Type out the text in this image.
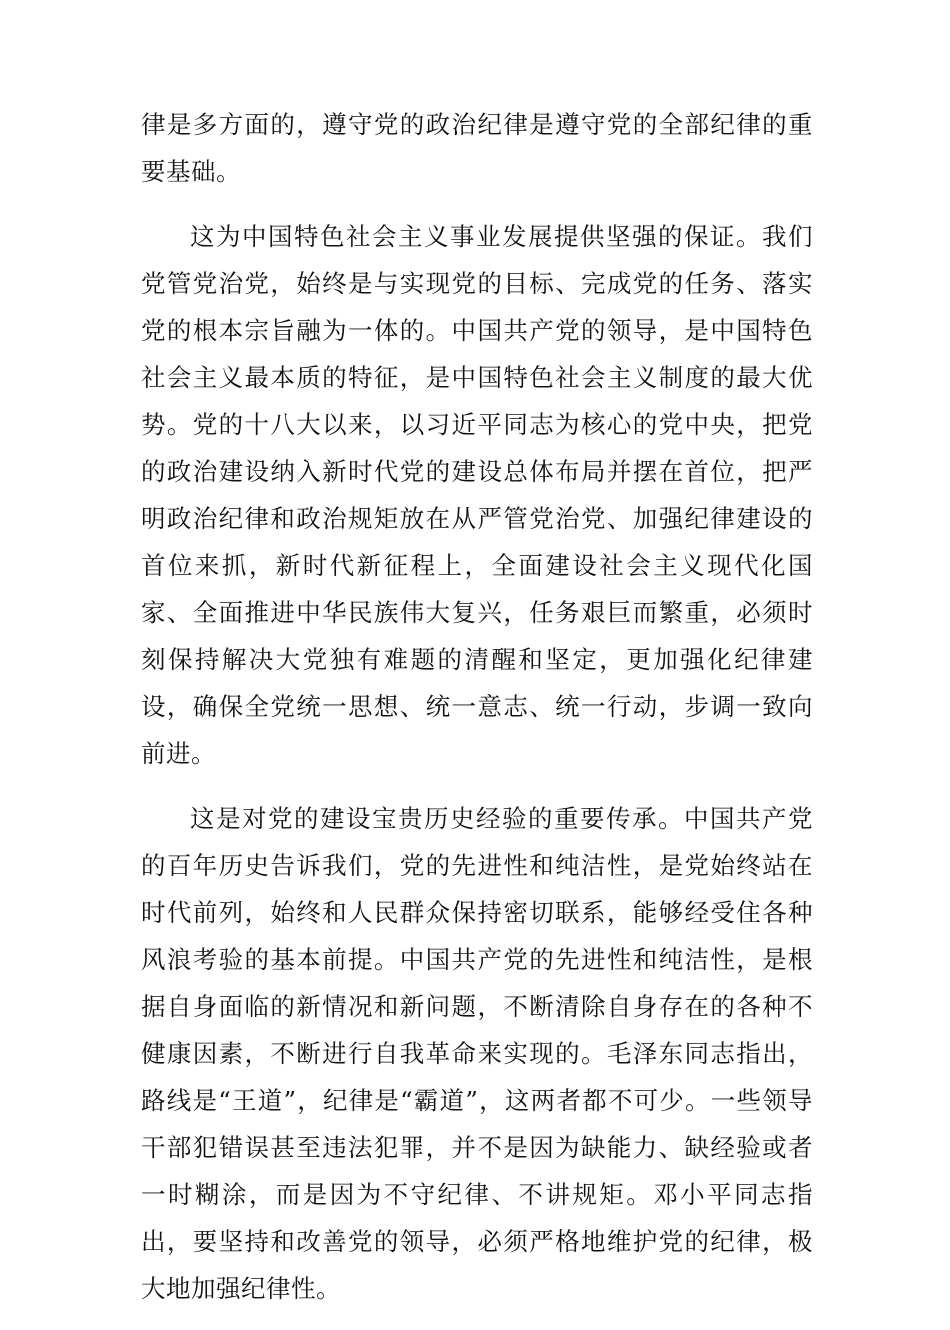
律是多方面的，遵守党的政治纪律是遵守党的全部纪律的重要基础。

这为中国特色社会主义事业发展提供坚强的保证。我们党管党治党，始终是与实现党的目标、完成党的任务、落实党的根本宗旨融为一体的。中国共产党的领导，是中国特色社会主义最本质的特征，是中国特色社会主义制度的最大优势。党的十八大以来，以习近平同志为核心的党中央，把党的政治建设纳入新时代党的建设总体布局并摆在首位，把严明政治纪律和政治规矩放在从严管党治党、加强纪律建设的首位来抓，新时代新征程上，全面建设社会主义现代化国家、全面推进中华民族伟大复兴，任务艰巨而繁重，必须时刻保持解决大党独有难题的清醒和坚定，更加强化纪律建设，确保全党统一思想、统一意志、统一行动，步调一致向前进。

这是对党的建设宝贵历史经验的重要传承。中国共产党的百年历史告诉我们，党的先进性和纯洁性，是党始终站在时代前列，始终和人民群众保持密切联系，能够经受住各种风浪考验的基本前提。中国共产党的先进性和纯洁性，是根据自身面临的新情况和新问题，不断清除自身存在的各种不健康因素，不断进行自我革命来实现的。毛泽东同志指出，路线是“王道”，纪律是“霸道”，这两者都不可少。一些领导干部犯错误甚至违法犯罪，并不是因为缺能力、缺经验或者一时糊涂，而是因为不守纪律、不讲规矩。邓小平同志指出，要坚持和改善党的领导，必须严格地维护党的纪律，极大地加强纪律性。
